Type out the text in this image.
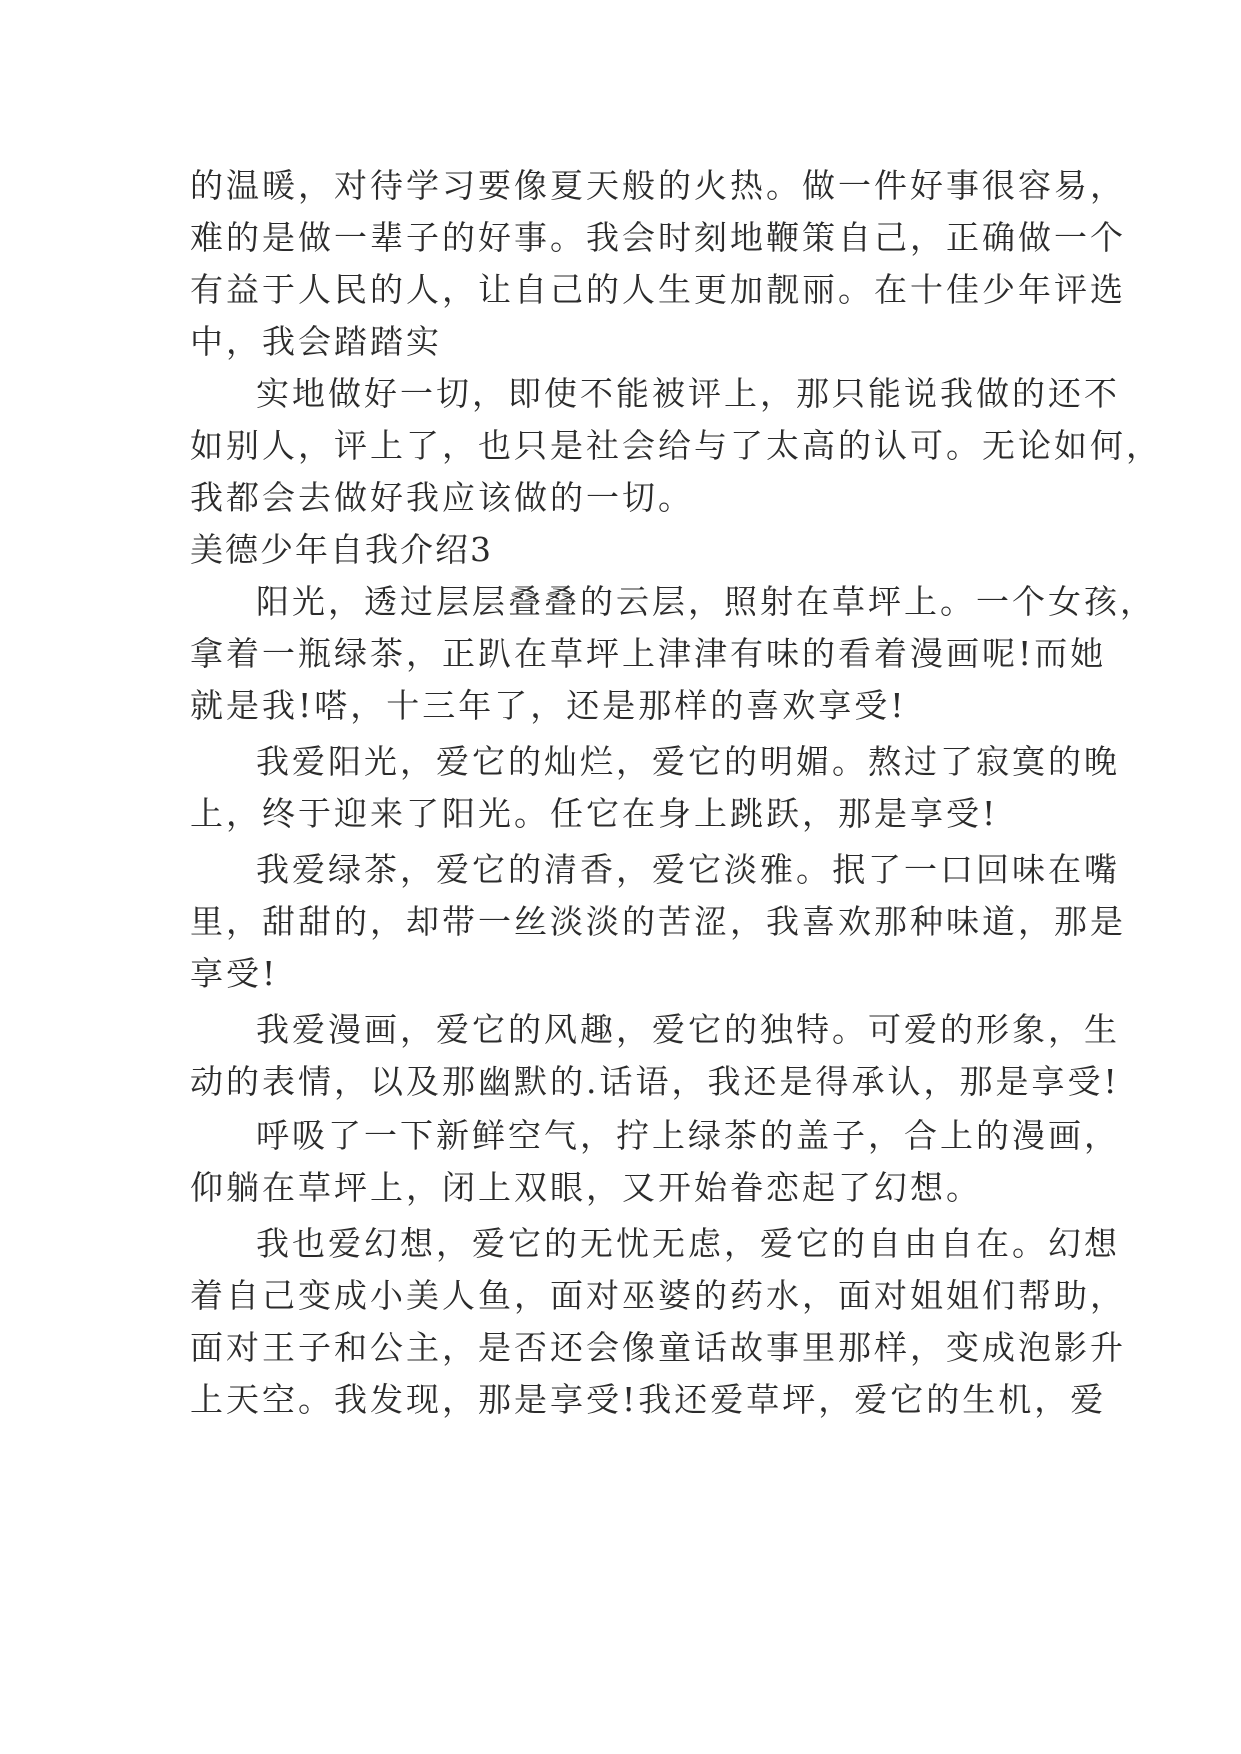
的温暖，对待学习要像夏天般的火热。做一件好事很容易，

难的是做一辈子的好事。我会时刻地鞭策自己，正确做一个

有益于人民的人，让自己的人生更加靓丽。在十佳少年评选

中，我会踏踏实

实地做好一切，即使不能被评上，那只能说我做的还不

如别人，评上了，也只是社会给与了太高的认可。无论如何，

我都会去做好我应该做的一切。

美德少年自我介绍3

阳光，透过层层叠叠的云层，照射在草坪上。一个女孩，

拿着一瓶绿茶，正趴在草坪上津津有味的看着漫画呢!而她

就是我!嗒，十三年了，还是那样的喜欢享受!

我爱阳光，爱它的灿烂，爱它的明媚。熬过了寂寞的晚

上，终于迎来了阳光。任它在身上跳跃，那是享受!

我爱绿茶，爱它的清香，爱它淡雅。抿了一口回味在嘴

里，甜甜的，却带一丝淡淡的苦涩，我喜欢那种味道，那是

享受!

我爱漫画，爱它的风趣，爱它的独特。可爱的形象，生

动的表情，以及那幽默的.话语，我还是得承认，那是享受!

呼吸了一下新鲜空气，拧上绿茶的盖子，合上的漫画，

仰躺在草坪上，闭上双眼，又开始眷恋起了幻想。

我也爱幻想，爱它的无忧无虑，爱它的自由自在。幻想

着自己变成小美人鱼，面对巫婆的药水，面对姐姐们帮助，

面对王子和公主，是否还会像童话故事里那样，变成泡影升

上天空。我发现，那是享受!我还爱草坪，爱它的生机，爱
